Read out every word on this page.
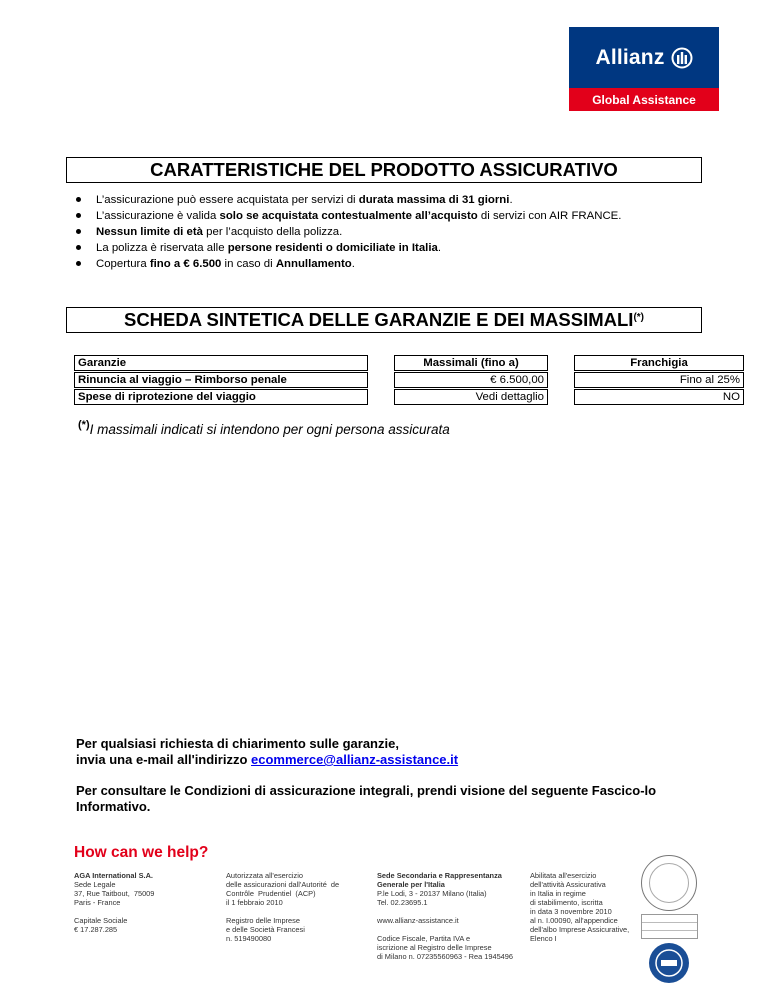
Allianz
Global Assistance
CARATTERISTICHE DEL PRODOTTO ASSICURATIVO
L’assicurazione può essere acquistata per servizi di durata massima di 31 giorni.
L’assicurazione è valida solo se acquistata contestualmente all’acquisto di servizi con AIR FRANCE.
Nessun limite di età per l’acquisto della polizza.
La polizza è riservata alle persone residenti o domiciliate in Italia.
Copertura fino a € 6.500 in caso di Annullamento.
SCHEDA SINTETICA DELLE GARANZIE E DEI MASSIMALI(*)
Garanzie		Massimali (fino a)		Franchigia
Rinuncia al viaggio – Rimborso penale		€ 6.500,00		Fino al 25%
Spese di riprotezione del viaggio		Vedi dettaglio		NO
(*)I massimali indicati si intendono per ogni persona assicurata

Per qualsiasi richiesta di chiarimento sulle garanzie,

invia una e-mail all'indirizzo ecommerce@allianz-assistance.it

Per consultare le Condizioni di assicurazione integrali, prendi visione del seguente Fascico-lo Informativo.

How can we help?
AGA International S.A.
Sede Legale
37, Rue Taitbout,  75009
Paris - France

Capitale Sociale
€ 17.287.285
Autorizzata all'esercizio
delle assicurazioni dall'Autorité  de
Contrôle  Prudentiel  (ACP)
il 1 febbraio 2010

Registro delle Imprese
e delle Società Francesi
n. 519490080
Sede Secondaria e Rappresentanza
Generale per l'Italia
P.le Lodi, 3 - 20137 Milano (Italia)
Tel. 02.23695.1

www.allianz-assistance.it

Codice Fiscale, Partita IVA e
iscrizione al Registro delle Imprese
di Milano n. 07235560963 - Rea 1945496
Abilitata all'esercizio
dell'attività Assicurativa
in Italia in regime
di stabilimento, iscritta
in data 3 novembre 2010
al n. I.00090, all'appendice
dell'albo Imprese Assicurative,
Elenco I
